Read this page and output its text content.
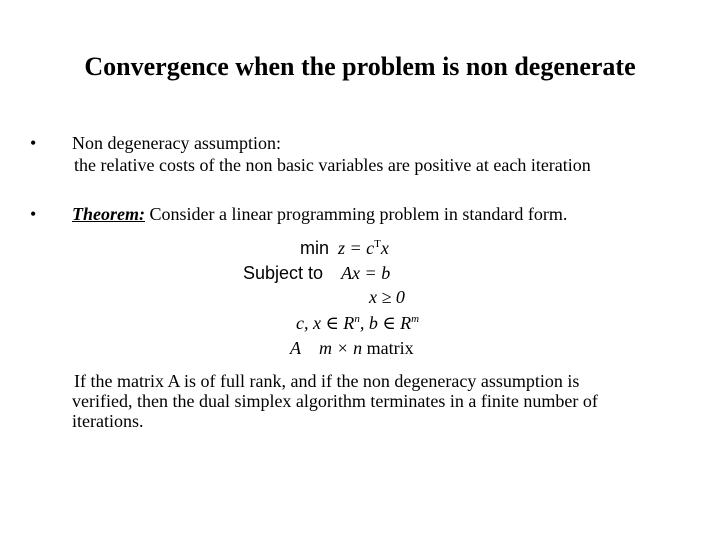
Convergence when the problem is non degenerate
• Non degeneracy assumption:
the relative costs of the non basic variables are positive at each iteration
• Theorem: Consider a linear programming problem in standard form.
$\min z = c^Tx$
Subject to Ax = b
x ≥ 0
c, x ∈ $R^n$, b ∈ $R^m$
A m × n matrix
If the matrix A is of full rank, and if the non degeneracy assumption is
verified, then the dual simplex algorithm terminates in a finite number of
iterations.
